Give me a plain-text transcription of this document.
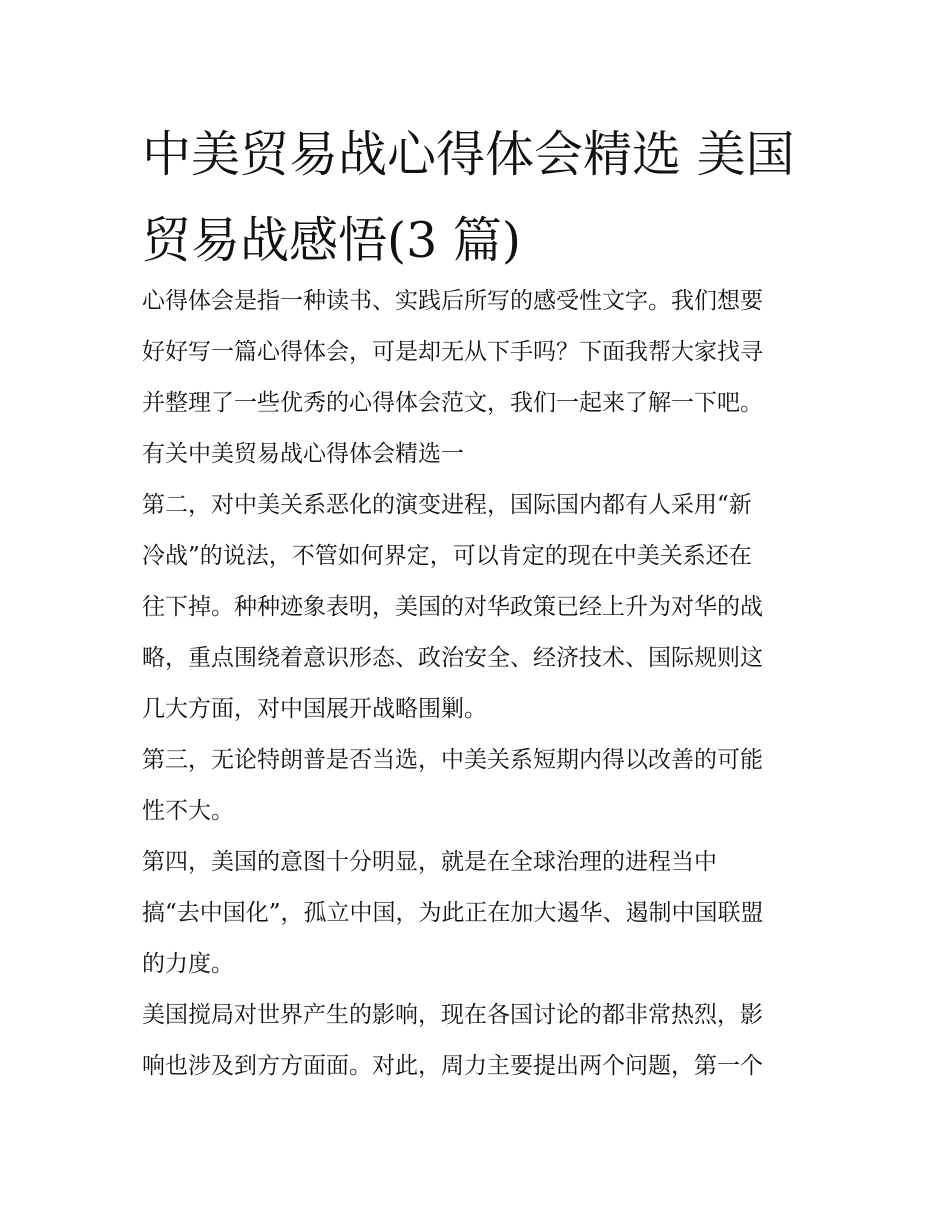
中美贸易战心得体会精选 美国
贸易战感悟(3 篇)

心得体会是指一种读书、实践后所写的感受性文字。我们想要
好好写一篇心得体会，可是却无从下手吗？下面我帮大家找寻
并整理了一些优秀的心得体会范文，我们一起来了解一下吧。

有关中美贸易战心得体会精选一

第二，对中美关系恶化的演变进程，国际国内都有人采用“新
冷战”的说法，不管如何界定，可以肯定的现在中美关系还在
往下掉。种种迹象表明，美国的对华政策已经上升为对华的战
略，重点围绕着意识形态、政治安全、经济技术、国际规则这
几大方面，对中国展开战略围剿。

第三，无论特朗普是否当选，中美关系短期内得以改善的可能
性不大。

第四，美国的意图十分明显，就是在全球治理的进程当中
搞“去中国化”，孤立中国，为此正在加大遏华、遏制中国联盟
的力度。

美国搅局对世界产生的影响，现在各国讨论的都非常热烈，影
响也涉及到方方面面。对此，周力主要提出两个问题，第一个
